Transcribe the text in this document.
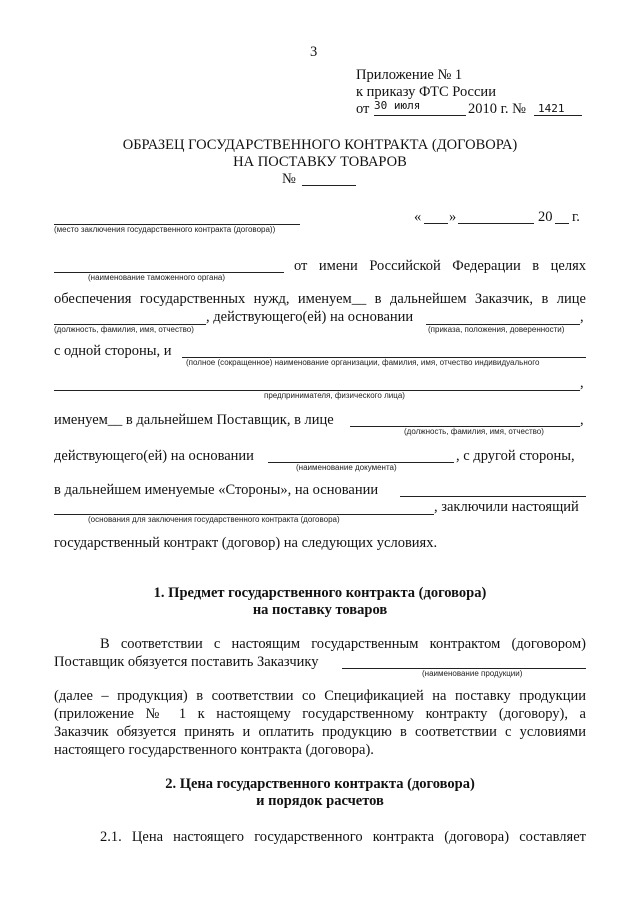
3
Приложение № 1
к приказу ФТС России
от 30 июля	2010 г. № 1421
ОБРАЗЕЦ ГОСУДАРСТВЕННОГО КОНТРАКТА (ДОГОВОРА)
НА ПОСТАВКУ ТОВАРОВ
№
(место заключения государственного контракта (договора))
« »	20 г.
(наименование таможенного органа)
от имени Российской Федерации в целях
обеспечения государственных нужд, именуем__ в дальнейшем Заказчик, в лице
(должность, фамилия, имя, отчество)
, действующего(ей) на основании	,
(приказа, положения, доверенности)
с одной стороны, и
(полное (сокращенное) наименование организации, фамилия, имя, отчество индивидуального
,
предпринимателя, физического лица)
именуем__ в дальнейшем Поставщик, в лице	,
(должность, фамилия, имя, отчество)
действующего(ей) на основании	, с другой стороны,
(наименование документа)
в дальнейшем именуемые «Стороны», на основании
, заключили настоящий
(основания для заключения государственного контракта (договора)
государственный контракт (договор) на следующих условиях.
1. Предмет государственного контракта (договора)
на поставку товаров
В соответствии с настоящим государственным контрактом (договором)
Поставщик обязуется поставить Заказчику
(наименование продукции)
(далее – продукция) в соответствии со Спецификацией на поставку продукции
(приложение № 1 к настоящему государственному контракту (договору), а
Заказчик обязуется принять и оплатить продукцию в соответствии с условиями
настоящего государственного контракта (договора).
2. Цена государственного контракта (договора)
и порядок расчетов
2.1. Цена настоящего государственного контракта (договора) составляет
